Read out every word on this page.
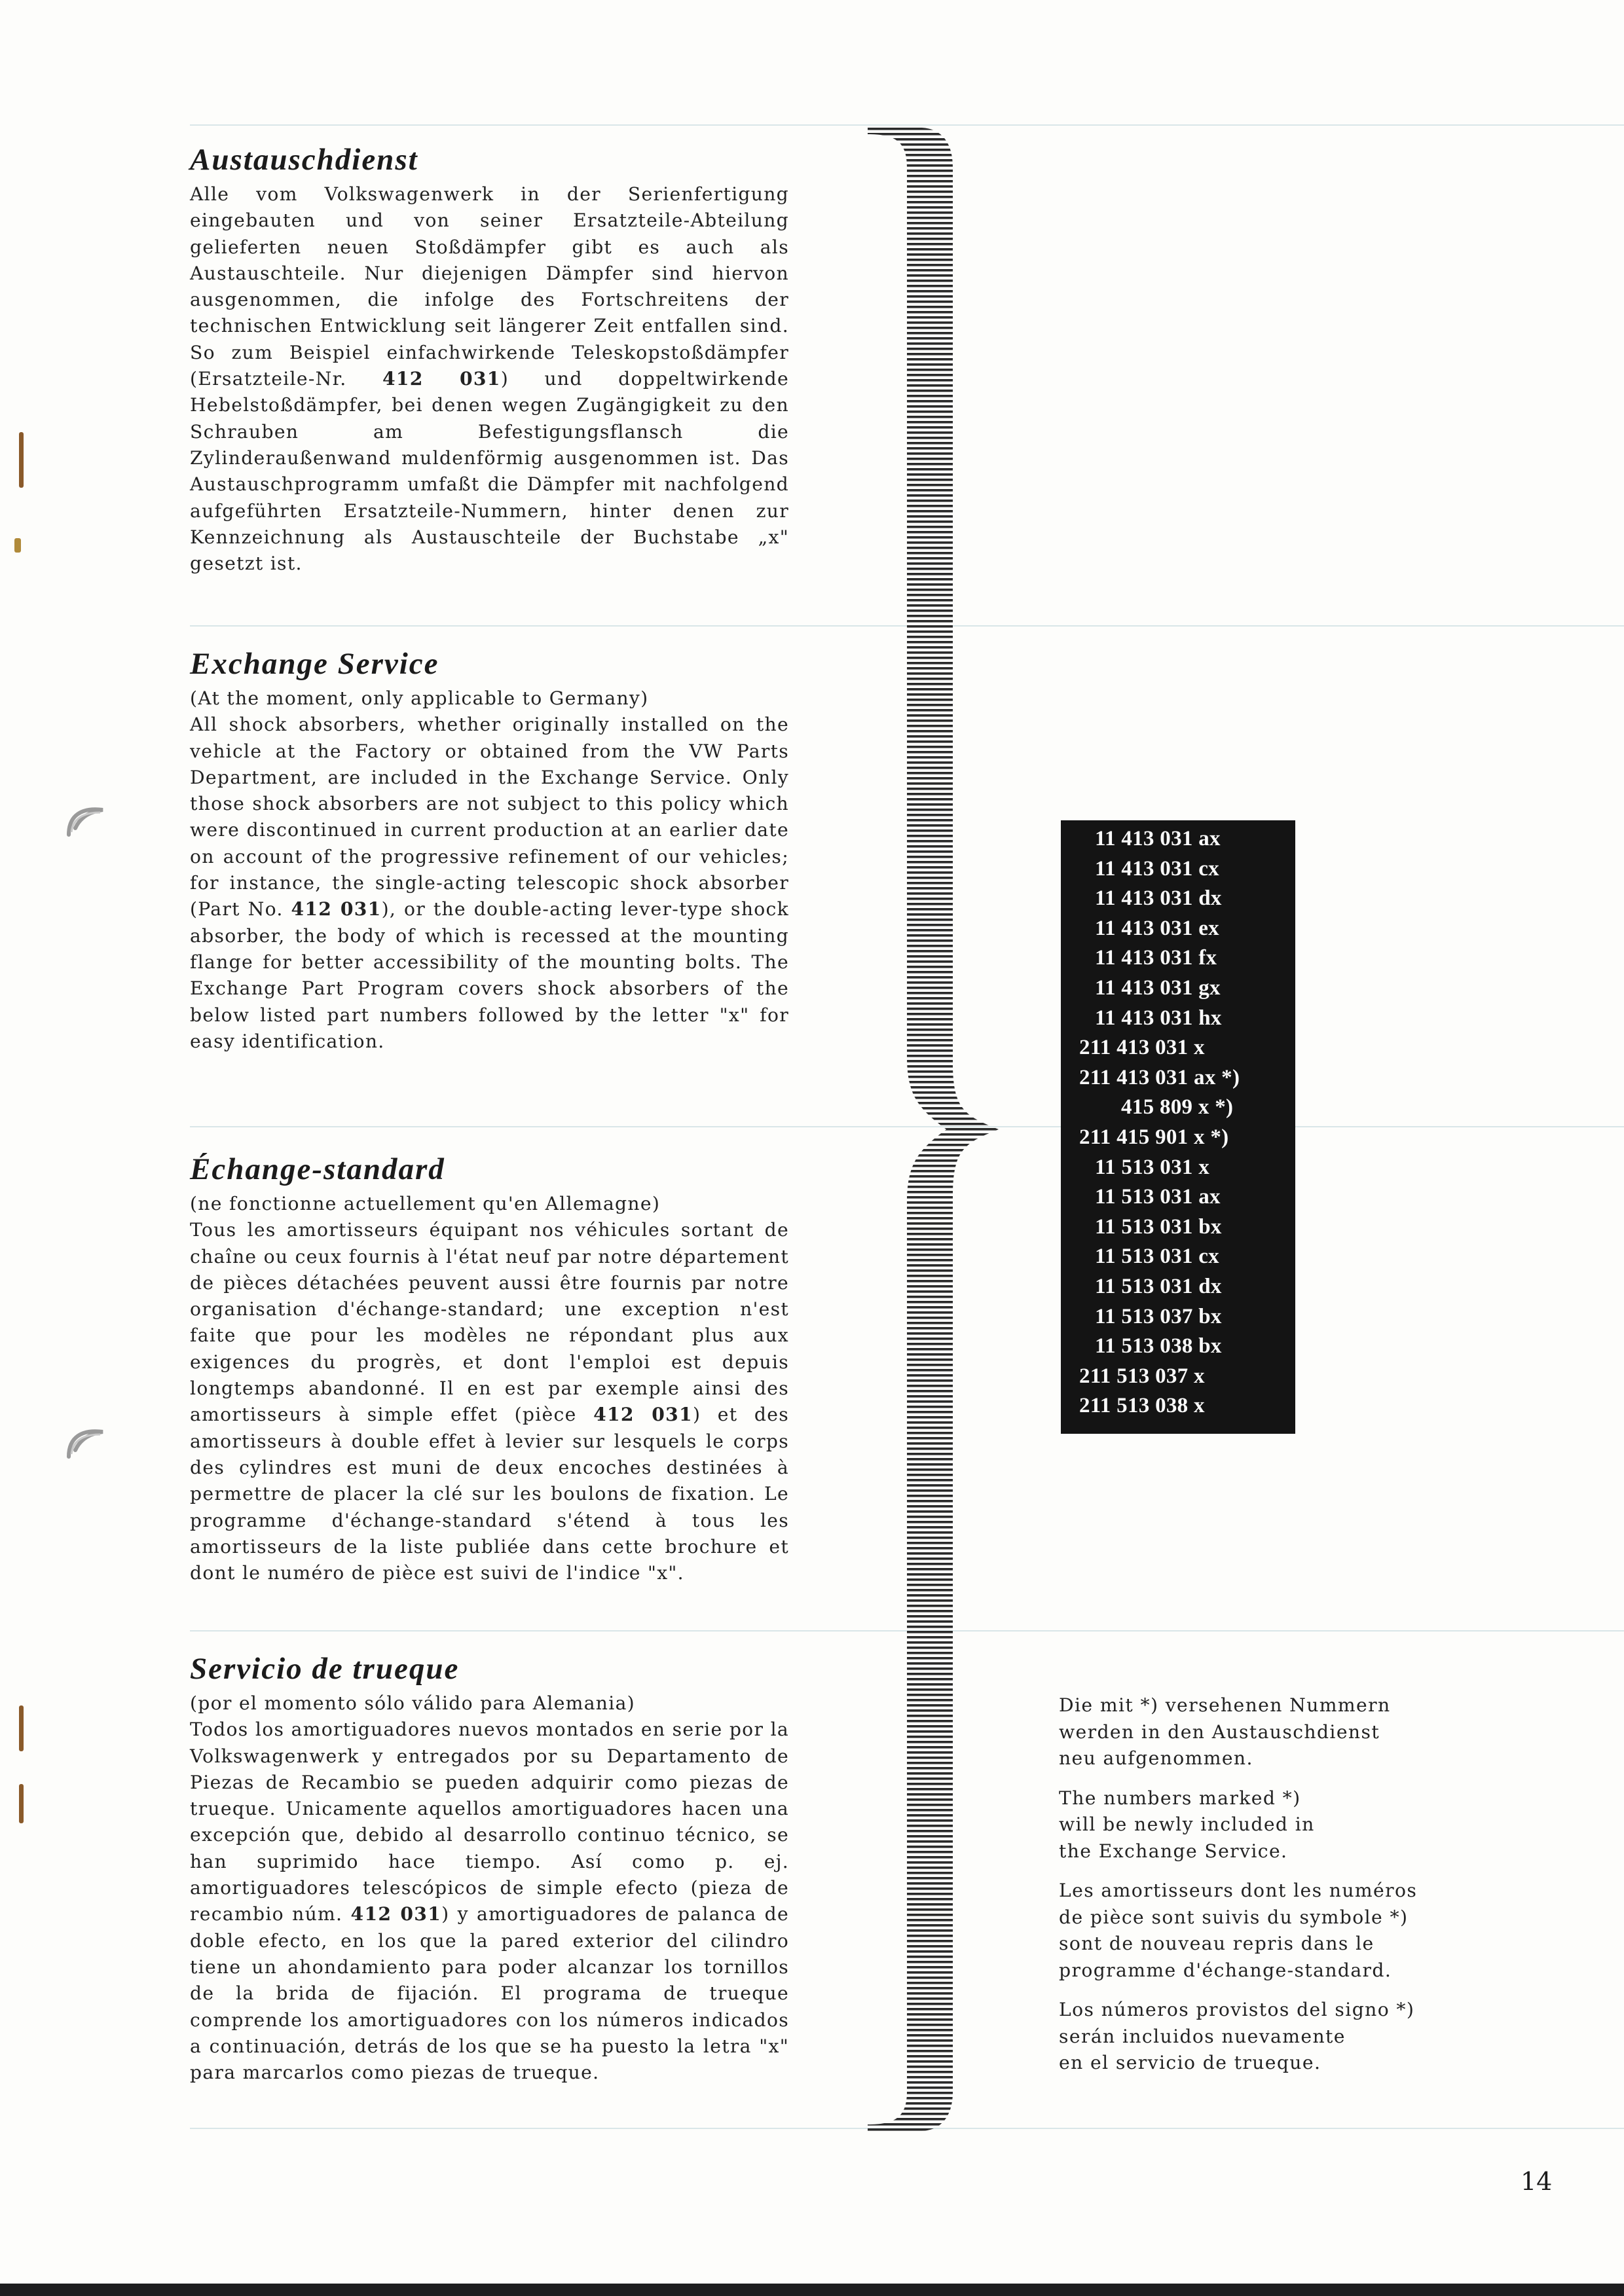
Austauschdienst

Alle vom Volkswagenwerk in der Serienfertigung eingebauten und von seiner Ersatzteile-Abteilung gelieferten neuen Stoßdämpfer gibt es auch als Austauschteile. Nur diejenigen Dämpfer sind hiervon ausgenommen, die infolge des Fortschreitens der technischen Entwicklung seit längerer Zeit entfallen sind. So zum Beispiel einfachwirkende Teleskopstoßdämpfer (Ersatzteile-Nr. 412 031) und doppeltwirkende Hebelstoßdämpfer, bei denen wegen Zugängigkeit zu den Schrauben am Befestigungsflansch die Zylinderaußenwand muldenförmig ausgenommen ist. Das Austauschprogramm umfaßt die Dämpfer mit nachfolgend aufgeführten Ersatzteile-Nummern, hinter denen zur Kennzeichnung als Austauschteile der Buchstabe „x" gesetzt ist.

Exchange Service

(At the moment, only applicable to Germany)

All shock absorbers, whether originally installed on the vehicle at the Factory or obtained from the VW Parts Department, are included in the Exchange Service. Only those shock absorbers are not subject to this policy which were discontinued in current production at an earlier date on account of the progressive refinement of our vehicles; for instance, the single-acting telescopic shock absorber (Part No. 412 031), or the double-acting lever-type shock absorber, the body of which is recessed at the mounting flange for better accessibility of the mounting bolts. The Exchange Part Program covers shock absorbers of the below listed part numbers followed by the letter "x" for easy identification.

Échange-standard

(ne fonctionne actuellement qu'en Allemagne)

Tous les amortisseurs équipant nos véhicules sortant de chaîne ou ceux fournis à l'état neuf par notre département de pièces détachées peuvent aussi être fournis par notre organisation d'échange-standard; une exception n'est faite que pour les modèles ne répondant plus aux exigences du progrès, et dont l'emploi est depuis longtemps abandonné. Il en est par exemple ainsi des amortisseurs à simple effet (pièce 412 031) et des amortisseurs à double effet à levier sur lesquels le corps des cylindres est muni de deux encoches destinées à permettre de placer la clé sur les boulons de fixation. Le programme d'échange-standard s'étend à tous les amortisseurs de la liste publiée dans cette brochure et dont le numéro de pièce est suivi de l'indice "x".

Servicio de trueque

(por el momento sólo válido para Alemania)

Todos los amortiguadores nuevos montados en serie por la Volkswagenwerk y entregados por su Departamento de Piezas de Recambio se pueden adquirir como piezas de trueque. Unicamente aquellos amortiguadores hacen una excepción que, debido al desarrollo continuo técnico, se han suprimido hace tiempo. Así como p. ej. amortiguadores telescópicos de simple efecto (pieza de recambio núm. 412 031) y amortiguadores de palanca de doble efecto, en los que la pared exterior del cilindro tiene un ahondamiento para poder alcanzar los tornillos de la brida de fijación. El programa de trueque comprende los amortiguadores con los números indicados a continuación, detrás de los que se ha puesto la letra "x" para marcarlos como piezas de trueque.

11 413 031 ax
11 413 031 cx
11 413 031 dx
11 413 031 ex
11 413 031 fx
11 413 031 gx
11 413 031 hx
211 413 031 x
211 413 031 ax *)
415 809 x *)
211 415 901 x *)
11 513 031 x
11 513 031 ax
11 513 031 bx
11 513 031 cx
11 513 031 dx
11 513 037 bx
11 513 038 bx
211 513 037 x
211 513 038 x

Die mit *) versehenen Nummern
werden in den Austauschdienst
neu aufgenommen.

The numbers marked *)
will be newly included in
the Exchange Service.

Les amortisseurs dont les numéros
de pièce sont suivis du symbole *)
sont de nouveau repris dans le
programme d'échange-standard.

Los números provistos del signo *)
serán incluidos nuevamente
en el servicio de trueque.

14
